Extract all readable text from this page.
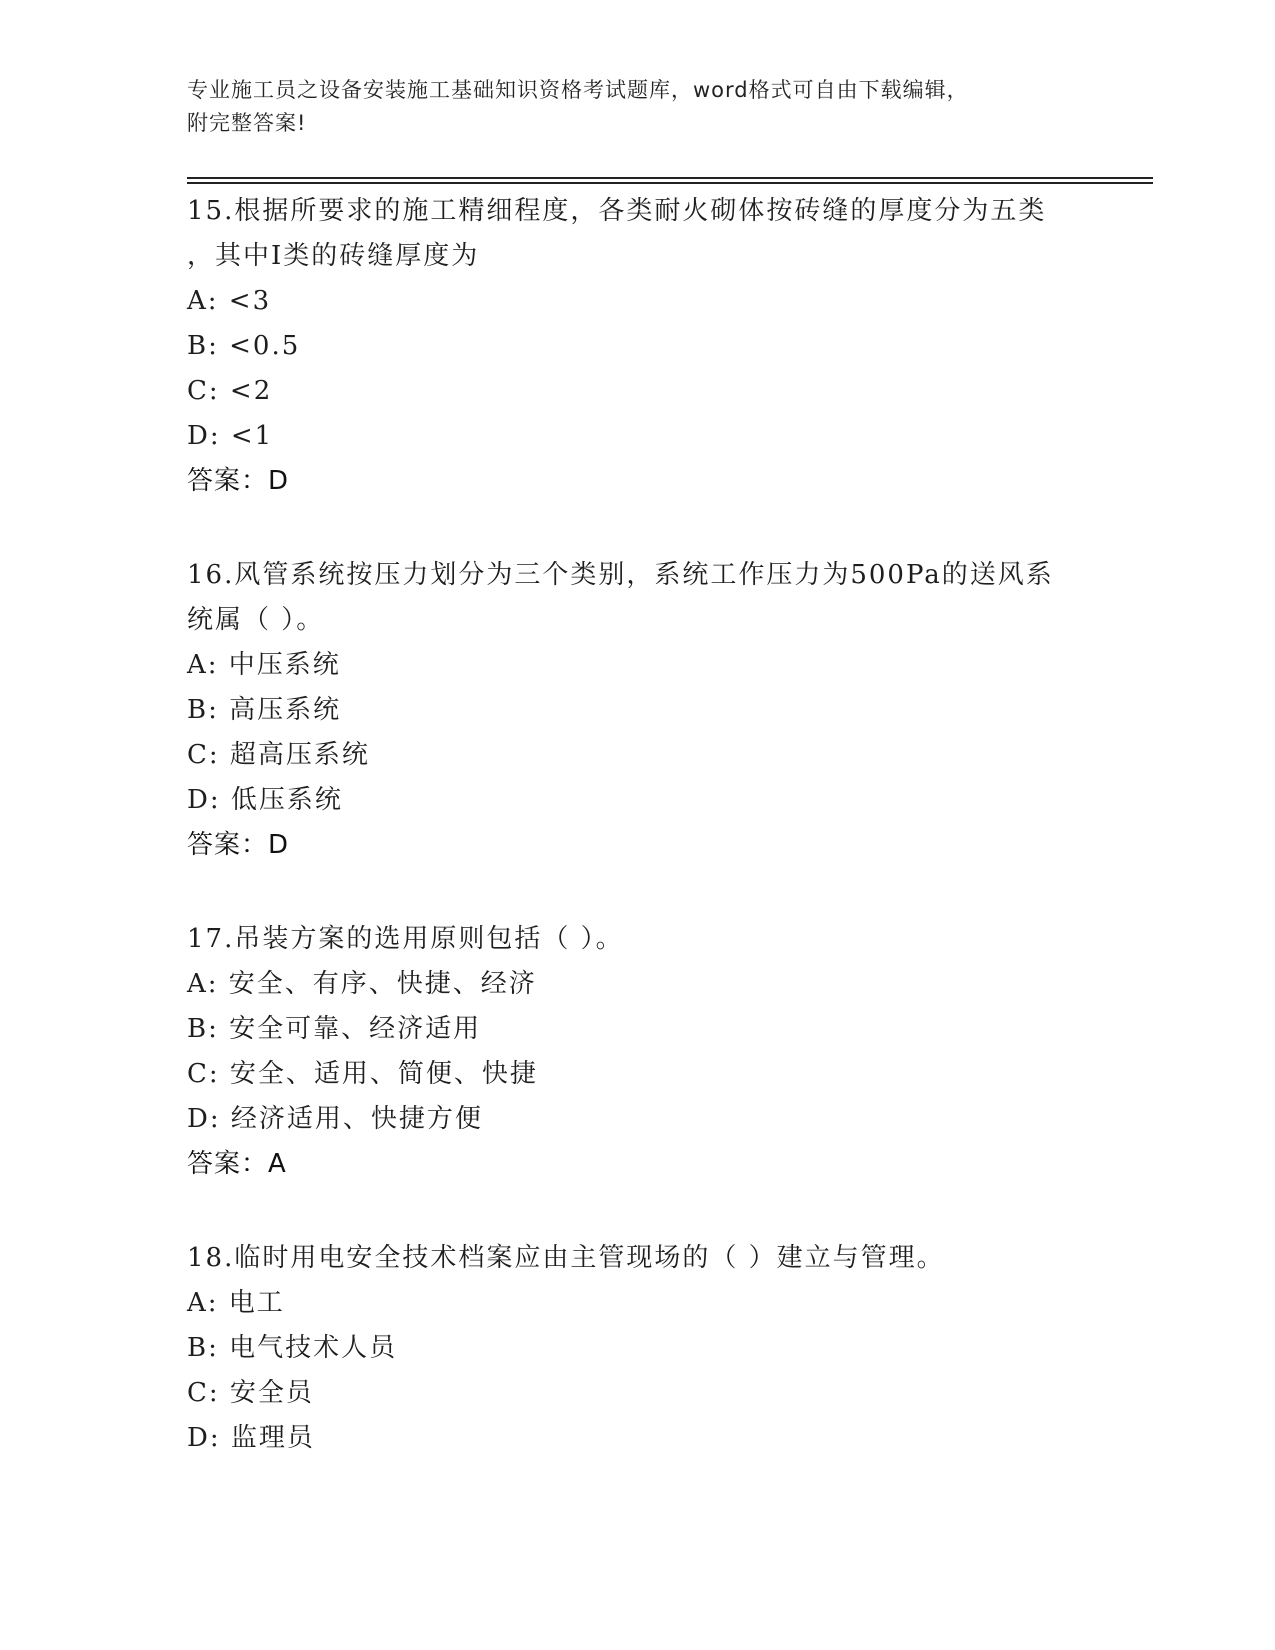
专业施工员之设备安装施工基础知识资格考试题库，word格式可自由下载编辑，
附完整答案!
15.根据所要求的施工精细程度，各类耐火砌体按砖缝的厚度分为五类
，其中Ⅰ类的砖缝厚度为
A: <3
B: <0.5
C: <2
D: <1
答案：D
16.风管系统按压力划分为三个类别，系统工作压力为500Pa的送风系
统属（ ）。
A: 中压系统
B: 高压系统
C: 超高压系统
D: 低压系统
答案：D
17.吊装方案的选用原则包括（ ）。
A: 安全、有序、快捷、经济
B: 安全可靠、经济适用
C: 安全、适用、简便、快捷
D: 经济适用、快捷方便
答案：A
18.临时用电安全技术档案应由主管现场的（ ）建立与管理。
A: 电工
B: 电气技术人员
C: 安全员
D: 监理员
